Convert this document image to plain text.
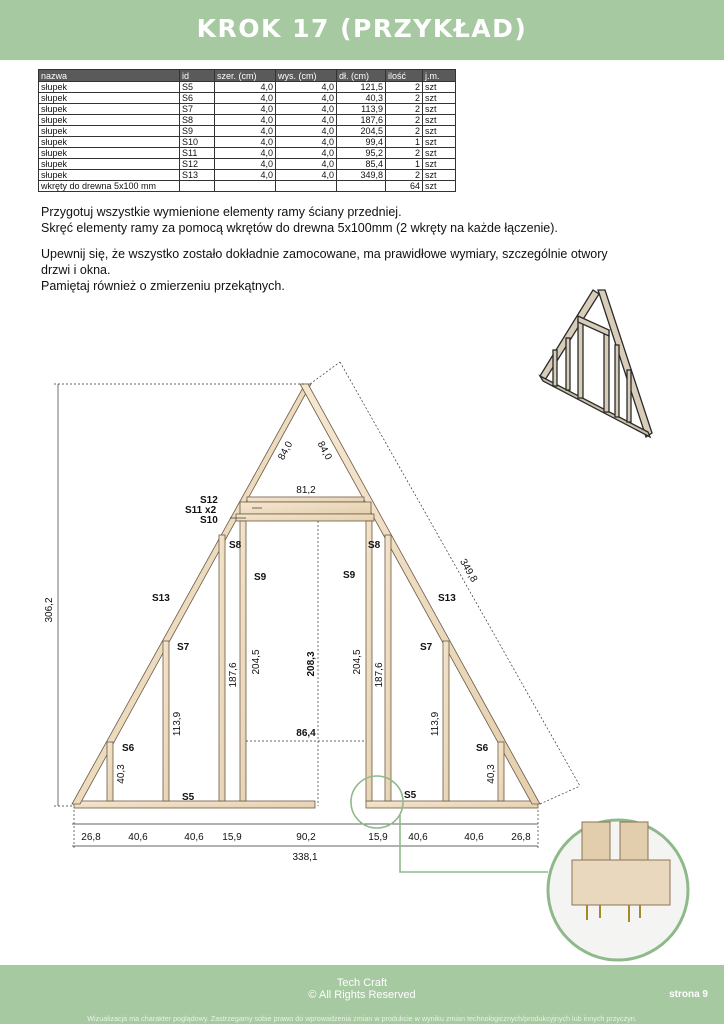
KROK 17 (PRZYKŁAD)
nazwa	id	szer. (cm)	wys. (cm)	dł. (cm)	ilość	j.m.
słupek	S5	4,0	4,0	121,5	2	szt
słupek	S6	4,0	4,0	40,3	2	szt
słupek	S7	4,0	4,0	113,9	2	szt
słupek	S8	4,0	4,0	187,6	2	szt
słupek	S9	4,0	4,0	204,5	2	szt
słupek	S10	4,0	4,0	99,4	1	szt
słupek	S11	4,0	4,0	95,2	2	szt
słupek	S12	4,0	4,0	85,4	1	szt
słupek	S13	4,0	4,0	349,8	2	szt
wkręty do drewna 5x100 mm					64	szt

Przygotuj wszystkie wymienione elementy ramy ściany przedniej.
Skręć elementy ramy za pomocą wkrętów do drewna 5x100mm (2 wkręty na każde łączenie).

Upewnij się, że wszystko zostało dokładnie zamocowane, ma prawidłowe wymiary, szczególnie otwory
drzwi i okna.
Pamiętaj również o zmierzeniu przekątnych.

S12
S11 x2
S10
S8	S8
S9	S9
S13	S13
S7	S7
S6	S6
S5	S5
306,2
349,8
84,0 84,0
81,2
208,3
86,4
204,5	204,5
187,6	187,6
113,9	113,9
40,3	40,3
26,8	40,6	40,6 15,9	90,2	15,9 40,6	40,6	26,8
338,1
Tech Craft
© All Rights Reserved	strona 9
Wizualizacja ma charakter poglądowy. Zastrzegamy sobie prawo do wprowadzenia zmian w produkcie w wyniku zmian technologicznych/produkcyjnych lub innych przyczyn.
